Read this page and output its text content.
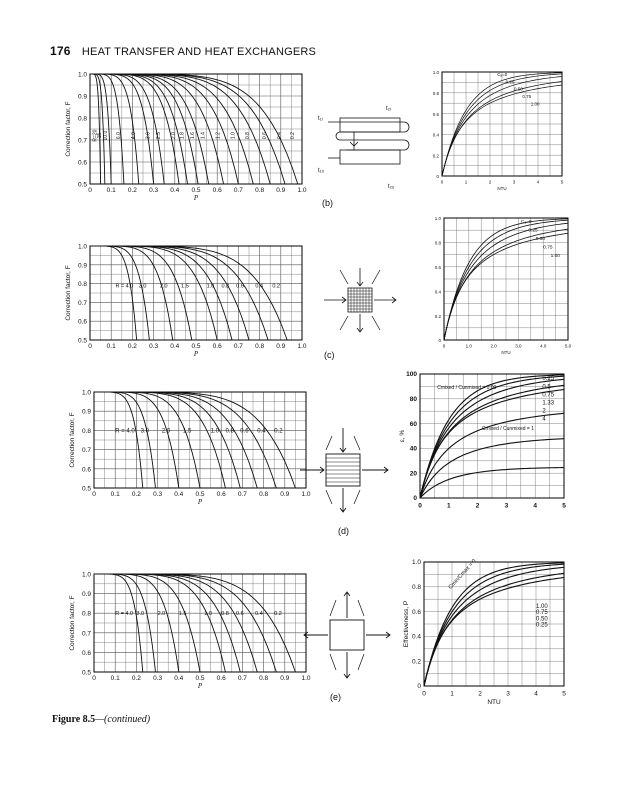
176 HEAT TRANSFER AND HEAT EXCHANGERS
0.5
0.6
0.7
0.8
0.9
1.0
0 0.1 0.2 0.3 0.4 0.5 0.6 0.7 0.8 0.9 1.0
P
Correction factor, F	R=20
15 10.0 6.0 4.0 3.0 2.5 2.0 1.8 1.6 1.4 1.2 1.0 0.8 0.6 0.4 0.2
t₁ᵢ
t₂ᵢ
t₁ₒ
t₂ₒ
0
0.2
0.4
0.6
0.8
1.0
0	1	2	3	4	5
NTU
Cₐ=0
0.25
0.50
0.75
1.00
(b)
0.5
0.6
0.7
0.8
0.9
1.0
0 0.1 0.2 0.3 0.4 0.5 0.6 0.7 0.8 0.9 1.0
P
Correction factor, F	R = 4.0 3.0 2.0 1.5	1.0 0.8 0.6 0.4 0.2
0
0.2
0.4
0.6
0.8
1.0
0	1.0	2.0	3.0	4.0	5.0
NTU
Cₐ=0
0.25
0.50
0.75
1.00
(c)
0.5
0.6
0.7
0.8
0.9
1.0
0 0.1 0.2 0.3 0.4 0.5 0.6 0.7 0.8 0.9 1.0
P
Correction factor, F	R = 4.0 3.0 2.0 1.5	1.0 0.8 0.6 0.4 0.2
0
20
40
60
80
100
0	1	2	3	4	5
ε, %
0.25
0.5
0.75
1.33
2
4
Cmixed / Cunmixed = 0.00
Cmixed / Cunmixed = 1
(d)
0.5
0.6
0.7
0.8
0.9
1.0
0 0.1 0.2 0.3 0.4 0.5 0.6 0.7 0.8 0.9 1.0
P
Correction factor, F	R = 4.0 3.0 2.0 1.5	1.0 0.8 0.6 0.4 0.2
0
0.2
0.4
0.6
0.8
1.0
0	1	2	3	4	5
NTU
Effectiveness, P	1.00
0.75
0.50
0.25
Cmin/Cmax = 0
(e)
Figure 8.5—(continued)
